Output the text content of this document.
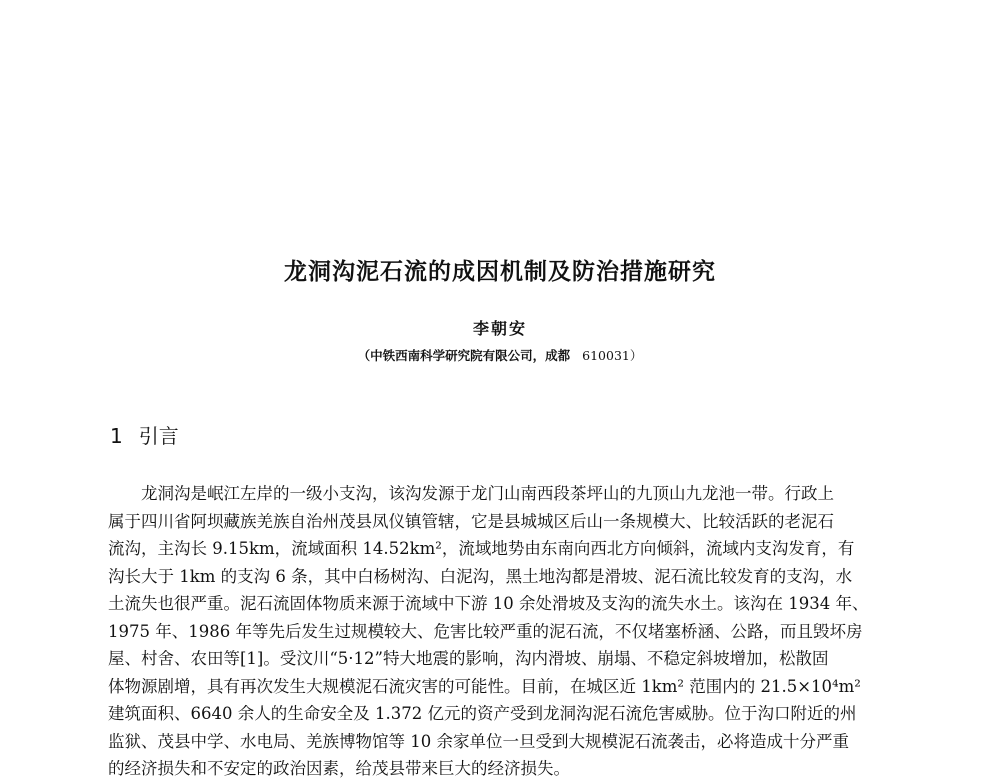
龙洞沟泥石流的成因机制及防治措施研究
李朝安
（中铁西南科学研究院有限公司，成都 610031）
1 引言
龙洞沟是岷江左岸的一级小支沟，该沟发源于龙门山南西段茶坪山的九顶山九龙池一带。行政上
属于四川省阿坝藏族羌族自治州茂县凤仪镇管辖，它是县城城区后山一条规模大、比较活跃的老泥石
流沟，主沟长 9.15km，流域面积 14.52km²，流域地势由东南向西北方向倾斜，流域内支沟发育，有
沟长大于 1km 的支沟 6 条，其中白杨树沟、白泥沟，黑土地沟都是滑坡、泥石流比较发育的支沟，水
土流失也很严重。泥石流固体物质来源于流域中下游 10 余处滑坡及支沟的流失水土。该沟在 1934 年、
1975 年、1986 年等先后发生过规模较大、危害比较严重的泥石流，不仅堵塞桥涵、公路，而且毁坏房
屋、村舍、农田等[1]。受汶川“5·12”特大地震的影响，沟内滑坡、崩塌、不稳定斜坡增加，松散固
体物源剧增，具有再次发生大规模泥石流灾害的可能性。目前，在城区近 1km² 范围内的 21.5×10⁴m²
建筑面积、6640 余人的生命安全及 1.372 亿元的资产受到龙洞沟泥石流危害威胁。位于沟口附近的州
监狱、茂县中学、水电局、羌族博物馆等 10 余家单位一旦受到大规模泥石流袭击，必将造成十分严重
的经济损失和不安定的政治因素，给茂县带来巨大的经济损失。
